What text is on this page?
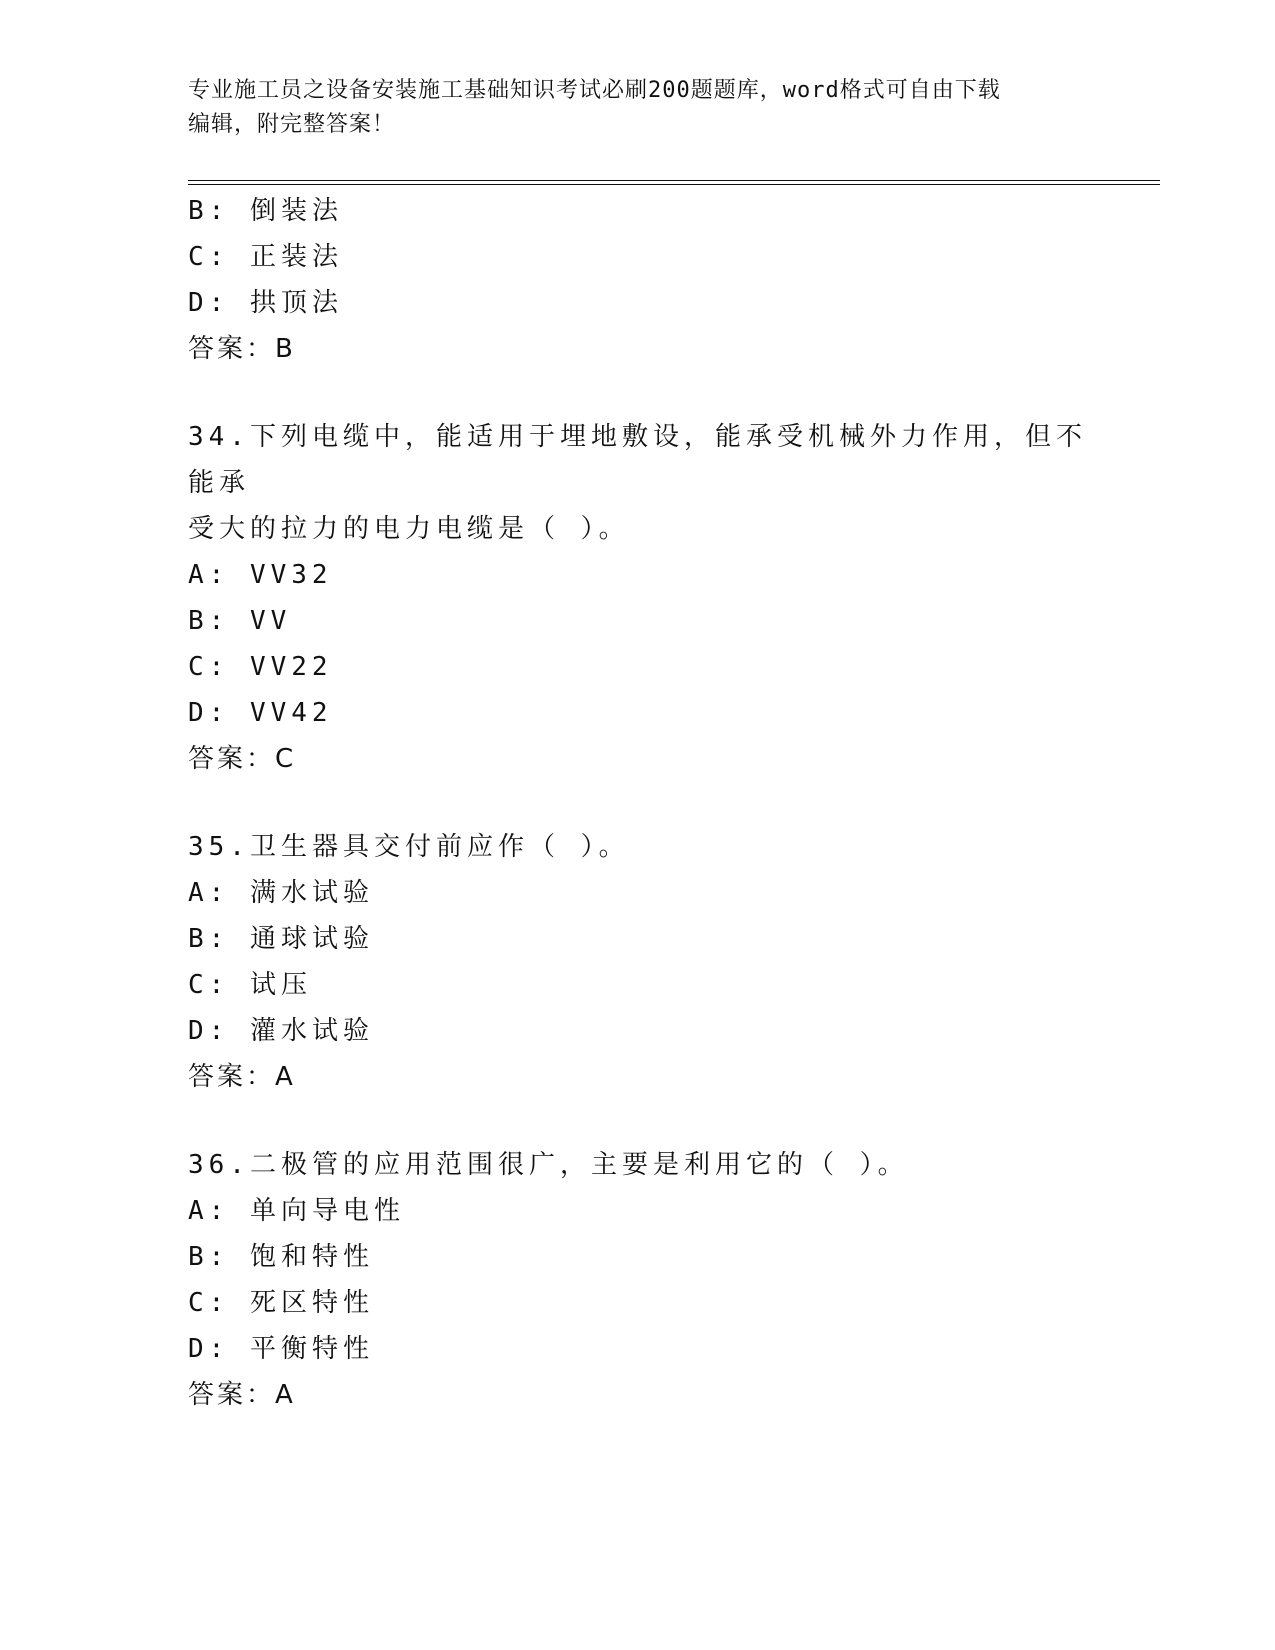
专业施工员之设备安装施工基础知识考试必刷200题题库，word格式可自由下载
编辑，附完整答案！
B: 倒装法
C: 正装法
D: 拱顶法
答案：B
34.下列电缆中，能适用于埋地敷设，能承受机械外力作用，但不能承
受大的拉力的电力电缆是（ ）。
A: VV32
B: VV
C: VV22
D: VV42
答案：C
35.卫生器具交付前应作（ ）。
A: 满水试验
B: 通球试验
C: 试压
D: 灌水试验
答案：A
36.二极管的应用范围很广，主要是利用它的（ ）。
A: 单向导电性
B: 饱和特性
C: 死区特性
D: 平衡特性
答案：A
